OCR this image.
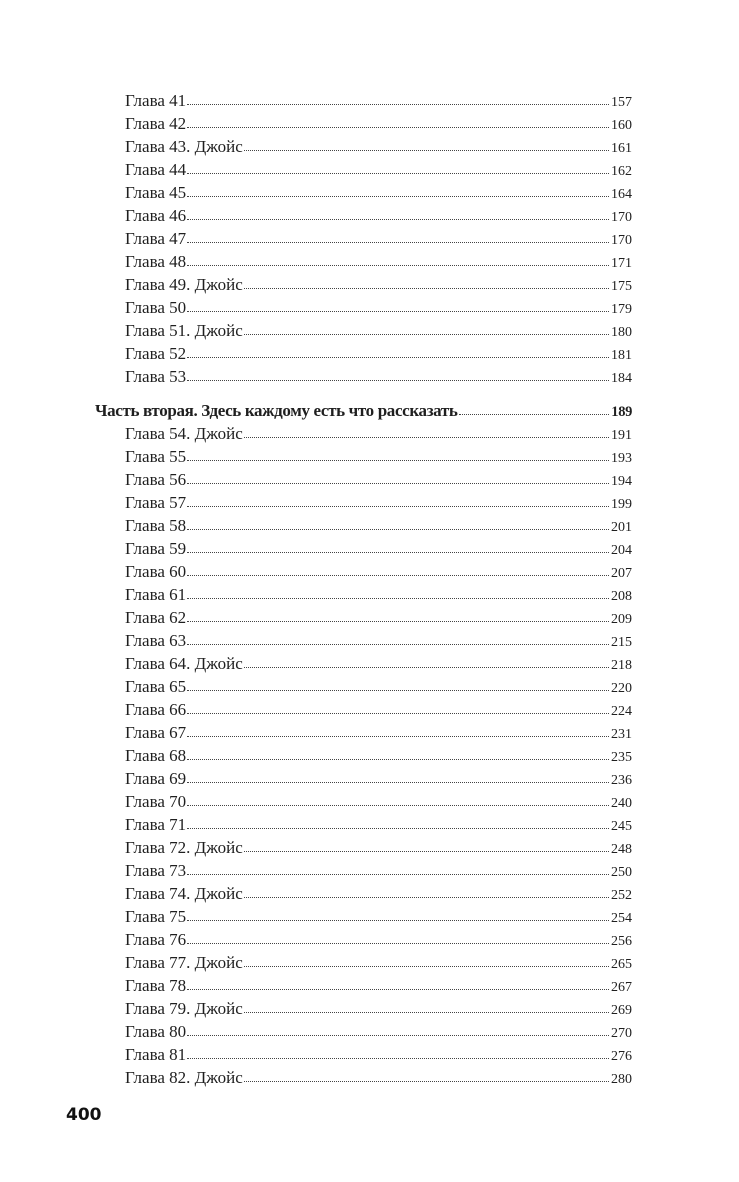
Глава 41	157
Глава 42	160
Глава 43. Джойс	161
Глава 44	162
Глава 45	164
Глава 46	170
Глава 47	170
Глава 48	171
Глава 49. Джойс	175
Глава 50	179
Глава 51. Джойс	180
Глава 52	181
Глава 53	184
Часть вторая. Здесь каждому есть что рассказать	189
Глава 54. Джойс	191
Глава 55	193
Глава 56	194
Глава 57	199
Глава 58	201
Глава 59	204
Глава 60	207
Глава 61	208
Глава 62	209
Глава 63	215
Глава 64. Джойс	218
Глава 65	220
Глава 66	224
Глава 67	231
Глава 68	235
Глава 69	236
Глава 70	240
Глава 71	245
Глава 72. Джойс	248
Глава 73	250
Глава 74. Джойс	252
Глава 75	254
Глава 76	256
Глава 77. Джойс	265
Глава 78	267
Глава 79. Джойс	269
Глава 80	270
Глава 81	276
Глава 82. Джойс	280
400
